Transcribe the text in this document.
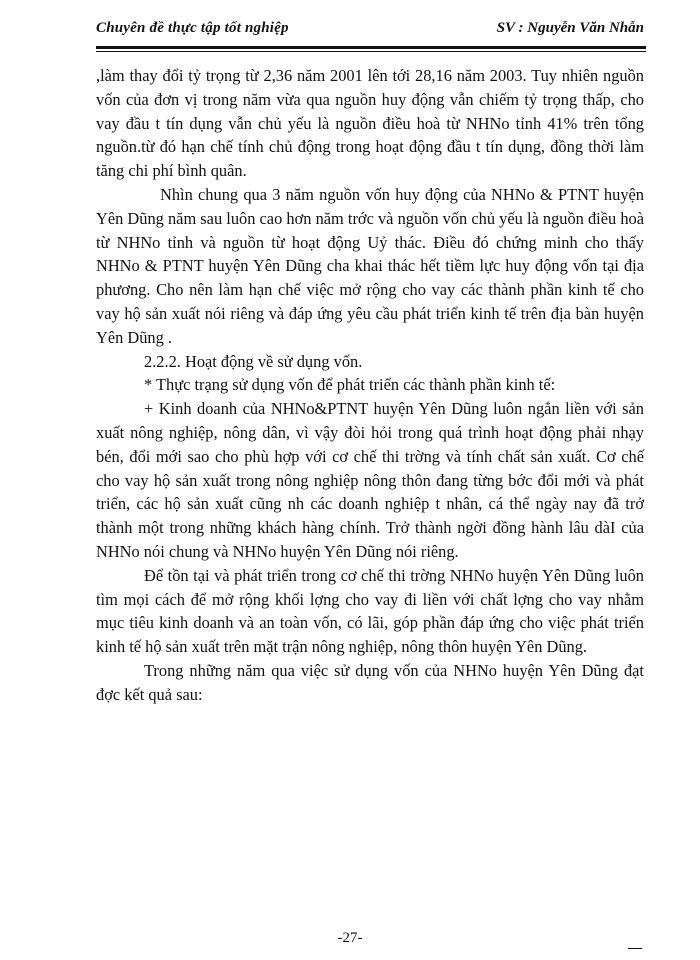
Chuyên đề thực tập tốt nghiệp	SV : Nguyễn Văn Nhẫn

,làm thay đổi tỷ trọng từ 2,36 năm 2001 lên tới 28,16 năm 2003. Tuy nhiên nguồn vốn của đơn vị trong năm vừa qua nguồn huy động vẫn chiếm tỷ trọng thấp, cho vay đầu t tín dụng vẫn chủ yếu là nguồn điều hoà từ NHNo tỉnh 41% trên tổng nguồn.từ đó hạn chế tính chủ động trong hoạt động đầu t tín dụng, đồng thời làm tăng chi phí bình quân.

Nhìn chung qua 3 năm nguồn vốn huy động của NHNo & PTNT huyện Yên Dũng năm sau luôn cao hơn năm trớc và nguồn vốn chủ yếu là nguồn điều hoà từ NHNo tỉnh và nguồn từ hoạt động Uỷ thác. Điều đó chứng minh cho thấy NHNo & PTNT huyện Yên Dũng cha khai thác hết tiềm lực huy động vốn tại địa phương. Cho nên làm hạn chế việc mở rộng cho vay các thành phần kinh tế cho vay hộ sản xuất nói riêng và đáp ứng yêu cầu phát triển kinh tế trên địa bàn huyện Yên Dũng .

2.2.2. Hoạt động về sử dụng vốn.

* Thực trạng sử dụng vốn để phát triển các thành phần kinh tế:

+ Kinh doanh của NHNo&PTNT huyện Yên Dũng luôn ngắn liền với sản xuất nông nghiệp, nông dân, vì vậy đòi hỏi trong quá trình hoạt động phải nhạy bén, đổi mới sao cho phù hợp với cơ chế thi trờng và tính chất sản xuất. Cơ chế cho vay hộ sản xuất trong nông nghiệp nông thôn đang từng bớc đổi mới và phát triển, các hộ sản xuất cũng nh các doanh nghiệp t nhân, cá thể ngày nay đã trở thành một trong những khách hàng chính. Trở thành ngời đồng hành lâu dàI của NHNo nói chung và NHNo huyện Yên Dũng nói riêng.

Để tồn tại và phát triển trong cơ chế thi trờng NHNo huyện Yên Dũng luôn tìm mọi cách để mở rộng khối lợng cho vay đi liền với chất lợng cho vay nhằm mục tiêu kinh doanh và an toàn vốn, có lãi, góp phần đáp ứng cho việc phát triển kinh tế hộ sản xuất trên mặt trận nông nghiệp, nông thôn huyện Yên Dũng.

Trong những năm qua việc sử dụng vốn của NHNo huyện Yên Dũng đạt đợc kết quả sau:

-27-
